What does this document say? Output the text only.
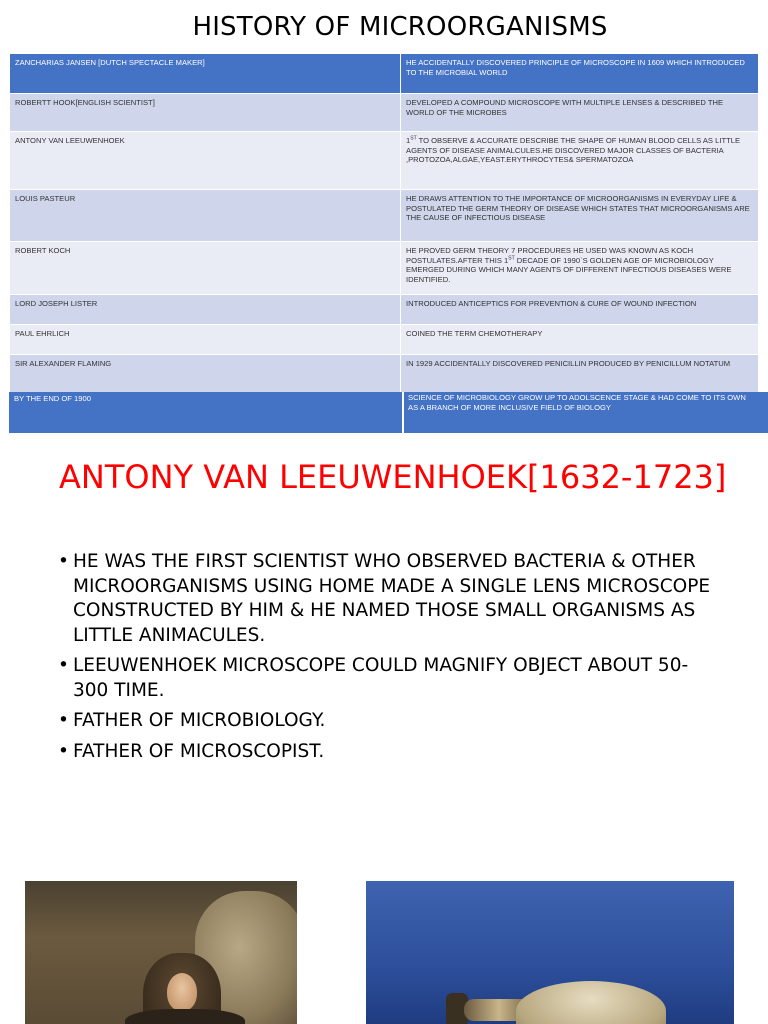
HISTORY OF MICROORGANISMS
ZANCHARIAS JANSEN [DUTCH SPECTACLE MAKER]	HE ACCIDENTALLY DISCOVERED PRINCIPLE OF MICROSCOPE IN 1609 WHICH INTRODUCED TO THE MICROBIAL WORLD
ROBERTT HOOK[ENGLISH SCIENTIST]	DEVELOPED A COMPOUND MICROSCOPE WITH MULTIPLE LENSES & DESCRIBED THE WORLD OF THE MICROBES
ANTONY VAN LEEUWENHOEK	1ST TO OBSERVE & ACCURATE DESCRIBE THE SHAPE OF HUMAN BLOOD CELLS AS LITTLE AGENTS OF DISEASE ANIMALCULES.HE DISCOVERED MAJOR CLASSES OF BACTERIA ,PROTOZOA,ALGAE,YEAST.ERYTHROCYTES& SPERMATOZOA
LOUIS PASTEUR	HE DRAWS ATTENTION TO THE IMPORTANCE OF MICROORGANISMS IN EVERYDAY LIFE & POSTULATED THE GERM THEORY OF DISEASE WHICH STATES THAT MICROORGANISMS ARE THE CAUSE OF INFECTIOUS DISEASE
ROBERT KOCH	HE PROVED GERM THEORY 7 PROCEDURES HE USED WAS KNOWN AS KOCH POSTULATES.AFTER THIS 1ST DECADE OF 1990`S GOLDEN AGE OF MICROBIOLOGY EMERGED DURING WHICH MANY AGENTS OF DIFFERENT INFECTIOUS DISEASES WERE IDENTIFIED.
LORD JOSEPH LISTER	INTRODUCED ANTICEPTICS FOR PREVENTION & CURE OF WOUND INFECTION
PAUL EHRLICH	COINED THE TERM CHEMOTHERAPY
SIR ALEXANDER FLAMING	IN 1929 ACCIDENTALLY DISCOVERED PENICILLIN PRODUCED BY PENICILLUM NOTATUM
BY THE END OF 1900	SCIENCE OF MICROBIOLOGY GROW UP TO ADOLSCENCE STAGE & HAD COME TO ITS OWN AS A BRANCH OF MORE INCLUSIVE FIELD OF BIOLOGY
ANTONY VAN LEEUWENHOEK[1632-1723]
• HE WAS THE FIRST SCIENTIST WHO OBSERVED BACTERIA & OTHER MICROORGANISMS USING HOME MADE A SINGLE LENS MICROSCOPE CONSTRUCTED BY HIM & HE NAMED THOSE SMALL ORGANISMS AS LITTLE ANIMACULES.
• LEEUWENHOEK MICROSCOPE COULD MAGNIFY OBJECT ABOUT 50-300 TIME.
• FATHER OF MICROBIOLOGY.
• FATHER OF MICROSCOPIST.
